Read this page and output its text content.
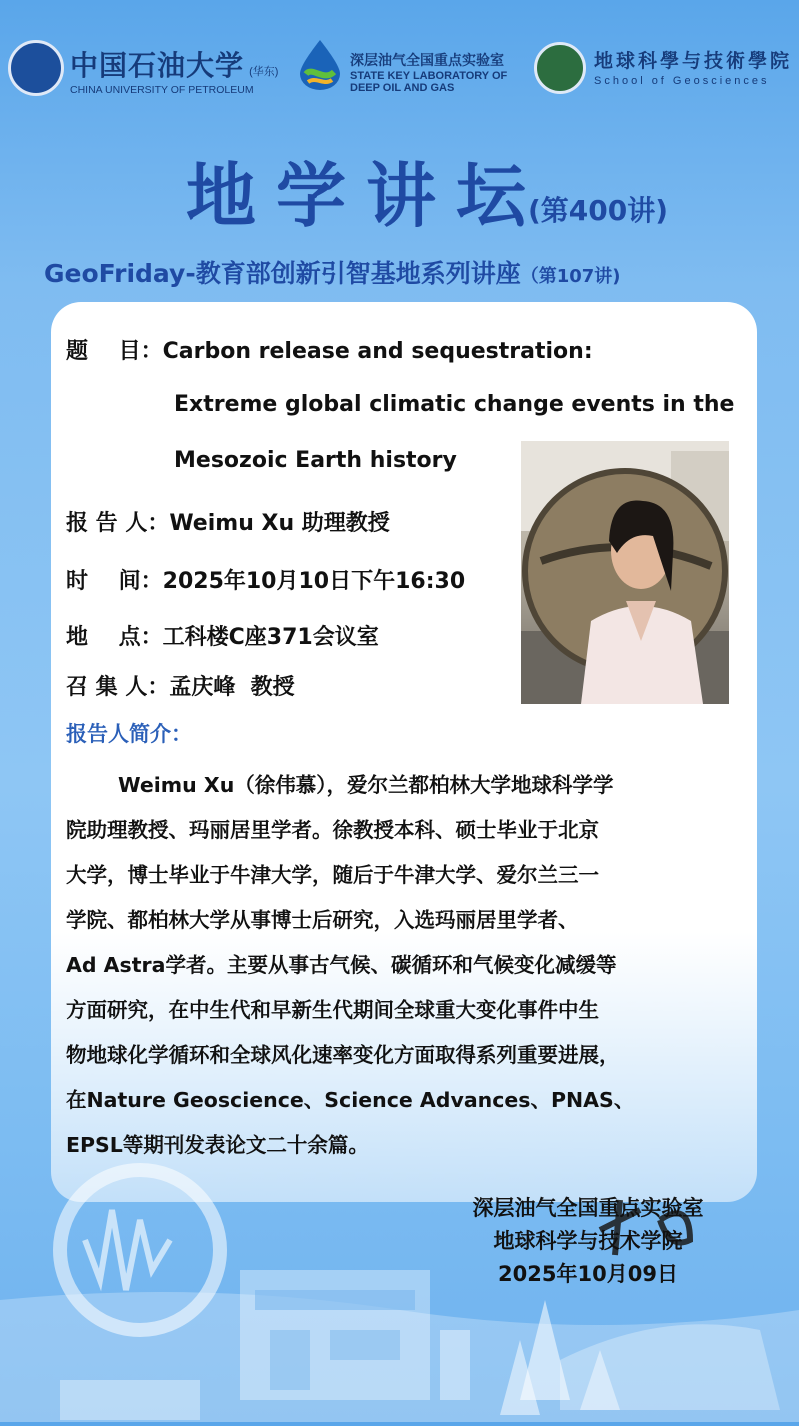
中国石油大学 (华东)
CHINA UNIVERSITY OF PETROLEUM
深层油气全国重点实验室
STATE KEY LABORATORY OF
DEEP OIL AND GAS
地球科學与技術學院
School of Geosciences
地学讲坛(第400讲)
GeoFriday-教育部创新引智基地系列讲座（第107讲)
题    目：Carbon release and sequestration:
Extreme global climatic change events in the
Mesozoic Earth history
报 告 人：Weimu Xu 助理教授
时    间：2025年10月10日下午16:30
地    点：工科楼C座371会议室
召 集 人：孟庆峰  教授
报告人简介：
Weimu Xu（徐伟慕），爱尔兰都柏林大学地球科学学
院助理教授、玛丽居里学者。徐教授本科、硕士毕业于北京
大学，博士毕业于牛津大学，随后于牛津大学、爱尔兰三一
学院、都柏林大学从事博士后研究，入选玛丽居里学者、
Ad Astra学者。主要从事古气候、碳循环和气候变化减缓等
方面研究，在中生代和早新生代期间全球重大变化事件中生
物地球化学循环和全球风化速率变化方面取得系列重要进展，
在Nature Geoscience、Science Advances、PNAS、
EPSL等期刊发表论文二十余篇。
深层油气全国重点实验室
地球科学与技术学院
2025年10月09日
